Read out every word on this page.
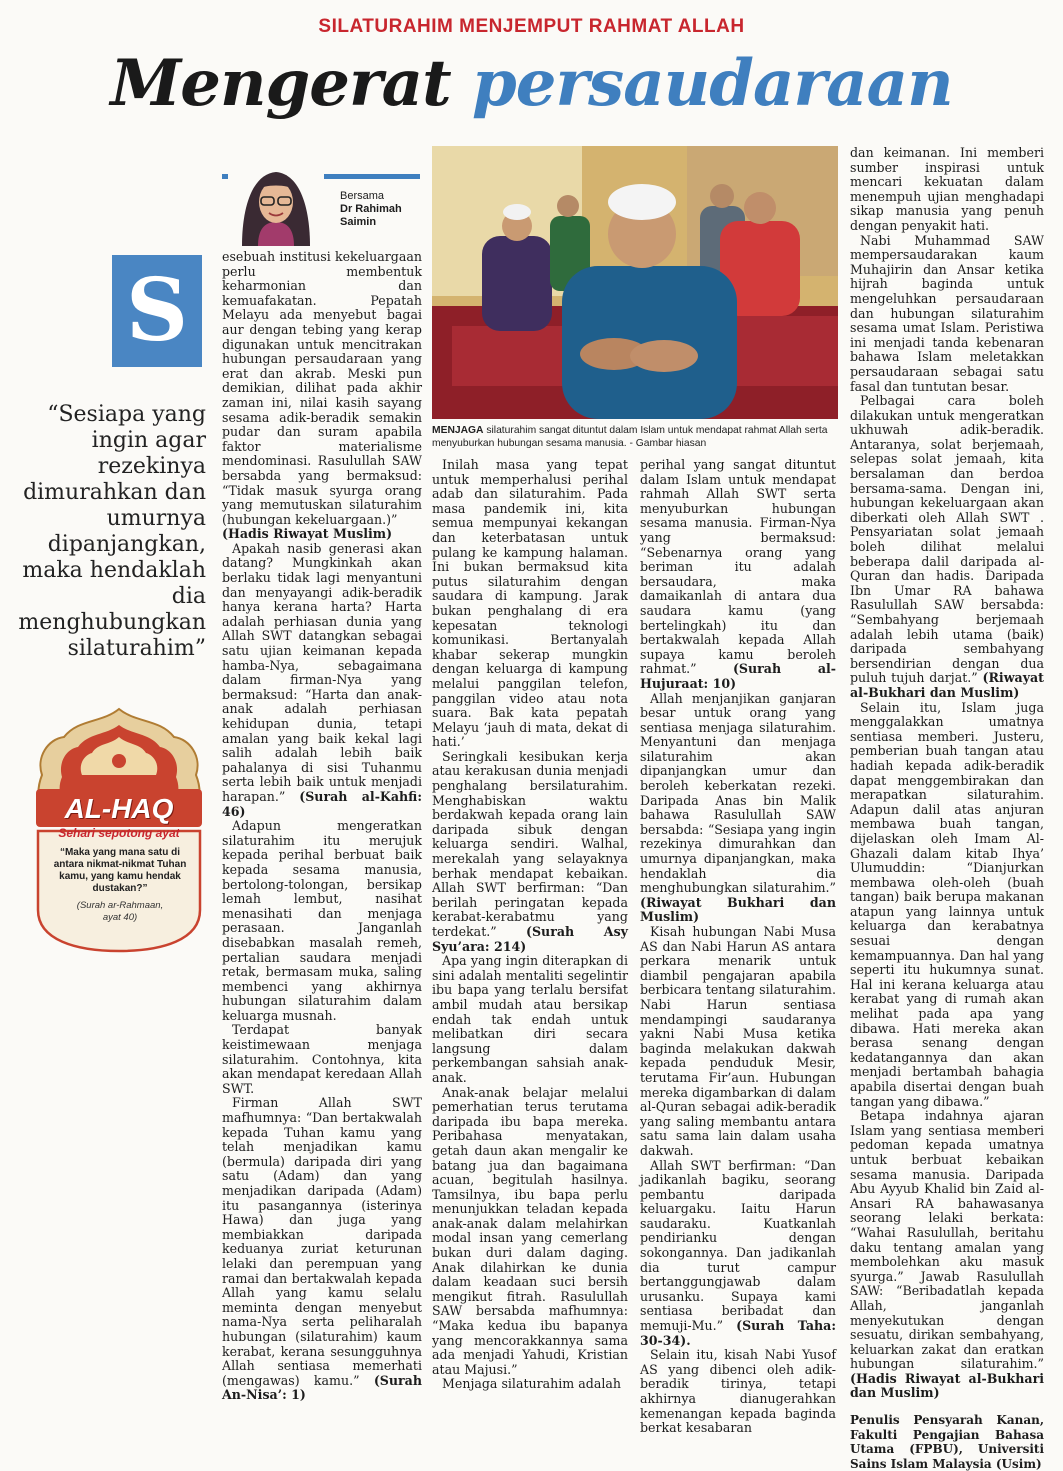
SILATURAHIM MENJEMPUT RAHMAT ALLAH
Mengerat persaudaraan
Bersama
Dr Rahimah
Saimin
S
“Sesiapa yang ingin agar rezekinya dimurahkan dan umurnya dipanjangkan, maka hendaklah dia menghubungkan silaturahim”
AL-HAQ
Sehari sepotong ayat
“Maka yang mana satu di antara nikmat-nikmat Tuhan kamu, yang kamu hendak dustakan?”
(Surah ar-Rahmaan,
ayat 40)
MENJAGA silaturahim sangat dituntut dalam Islam untuk mendapat rahmat Allah serta menyuburkan hubungan sesama manusia. - Gambar hiasan

esebuah institusi kekeluargaan perlu membentuk keharmonian dan kemuafakatan. Pepatah Melayu ada menyebut bagai aur dengan tebing yang kerap digunakan untuk mencitrakan hubungan persaudaraan yang erat dan akrab. Meski pun demikian, dilihat pada akhir zaman ini, nilai kasih sayang sesama adik-beradik semakin pudar dan suram apabila faktor materialisme mendominasi. Rasulullah SAW bersabda yang bermaksud: “Tidak masuk syurga orang yang memutuskan silaturahim (hubungan kekeluargaan.)”

(Hadis Riwayat Muslim)

Apakah nasib generasi akan datang? Mungkinkah akan berlaku tidak lagi menyantuni dan menyayangi adik-beradik hanya kerana harta? Harta adalah perhiasan dunia yang Allah SWT datangkan sebagai satu ujian keimanan kepada hamba-Nya, sebagaimana dalam firman-Nya yang bermaksud: “Harta dan anak-anak adalah perhiasan kehidupan dunia, tetapi amalan yang baik kekal lagi salih adalah lebih baik pahalanya di sisi Tuhanmu serta lebih baik untuk menjadi harapan.” (Surah al-Kahfi: 46)

Adapun mengeratkan silaturahim itu merujuk kepada perihal berbuat baik kepada sesama manusia, bertolong-tolongan, bersikap lemah lembut, nasihat menasihati dan menjaga perasaan. Janganlah disebabkan masalah remeh, pertalian saudara menjadi retak, bermasam muka, saling membenci yang akhirnya hubungan silaturahim dalam keluarga musnah.

Terdapat banyak keistimewaan menjaga silaturahim. Contohnya, kita akan mendapat keredaan Allah SWT.

Firman Allah SWT mafhumnya: “Dan bertakwalah kepada Tuhan kamu yang telah menjadikan kamu (bermula) daripada diri yang satu (Adam) dan yang menjadikan daripada (Adam) itu pasangannya (isterinya Hawa) dan juga yang membiakkan daripada keduanya zuriat keturunan lelaki dan perempuan yang ramai dan bertakwalah kepada Allah yang kamu selalu meminta dengan menyebut nama-Nya serta peliharalah hubungan (silaturahim) kaum kerabat, kerana sesungguhnya Allah sentiasa memerhati (mengawas) kamu.” (Surah An-Nisa’: 1)

Inilah masa yang tepat untuk memperhalusi perihal adab dan silaturahim. Pada masa pandemik ini, kita semua mempunyai kekangan dan keterbatasan untuk pulang ke kampung halaman. Ini bukan bermaksud kita putus silaturahim dengan saudara di kampung. Jarak bukan penghalang di era kepesatan teknologi komunikasi. Bertanyalah khabar sekerap mungkin dengan keluarga di kampung melalui panggilan telefon, panggilan video atau nota suara. Bak kata pepatah Melayu ‘jauh di mata, dekat di hati.’

Seringkali kesibukan kerja atau kerakusan dunia menjadi penghalang bersilaturahim. Menghabiskan waktu berdakwah kepada orang lain daripada sibuk dengan keluarga sendiri. Walhal, merekalah yang selayaknya berhak mendapat kebaikan. Allah SWT berfirman: “Dan berilah peringatan kepada kerabat-kerabatmu yang terdekat.” (Surah Asy Syu’ara: 214)

Apa yang ingin diterapkan di sini adalah mentaliti segelintir ibu bapa yang terlalu bersifat ambil mudah atau bersikap endah tak endah untuk melibatkan diri secara langsung dalam perkembangan sahsiah anak-anak.

Anak-anak belajar melalui pemerhatian terus terutama daripada ibu bapa mereka. Peribahasa menyatakan, getah daun akan mengalir ke batang jua dan bagaimana acuan, begitulah hasilnya. Tamsilnya, ibu bapa perlu menunjukkan teladan kepada anak-anak dalam melahirkan modal insan yang cemerlang bukan duri dalam daging. Anak dilahirkan ke dunia dalam keadaan suci bersih mengikut fitrah. Rasulullah SAW bersabda mafhumnya: “Maka kedua ibu bapanya yang mencorakkannya sama ada menjadi Yahudi, Kristian atau Majusi.”

Menjaga silaturahim adalah

perihal yang sangat dituntut dalam Islam untuk mendapat rahmah Allah SWT serta menyuburkan hubungan sesama manusia. Firman-Nya yang bermaksud: “Sebenarnya orang yang beriman itu adalah bersaudara, maka damaikanlah di antara dua saudara kamu (yang bertelingkah) itu dan bertakwalah kepada Allah supaya kamu beroleh rahmat.”	(Surah al-Hujuraat: 10)

Allah menjanjikan ganjaran besar untuk orang yang sentiasa menjaga silaturahim. Menyantuni dan menjaga silaturahim akan dipanjangkan umur dan beroleh keberkatan rezeki. Daripada Anas bin Malik bahawa Rasulullah SAW bersabda: “Sesiapa yang ingin rezekinya dimurahkan dan umurnya dipanjangkan, maka hendaklah dia menghubungkan silaturahim.” (Riwayat Bukhari dan Muslim)

Kisah hubungan Nabi Musa AS dan Nabi Harun AS antara perkara menarik untuk diambil pengajaran apabila berbicara tentang silaturahim. Nabi Harun sentiasa mendampingi saudaranya yakni Nabi Musa ketika baginda melakukan dakwah kepada penduduk Mesir, terutama Fir’aun. Hubungan mereka digambarkan di dalam al-Quran sebagai adik-beradik yang saling membantu antara satu sama lain dalam usaha dakwah.

Allah SWT berfirman: “Dan jadikanlah bagiku, seorang pembantu daripada keluargaku. Iaitu Harun saudaraku. Kuatkanlah pendirianku dengan sokongannya. Dan jadikanlah dia turut campur bertanggungjawab dalam urusanku. Supaya kami sentiasa beribadat dan memuji-Mu.” (Surah Taha: 30-34).

Selain itu, kisah Nabi Yusof AS yang dibenci oleh adik-beradik tirinya, tetapi akhirnya dianugerahkan kemenangan kepada baginda berkat kesabaran

dan keimanan. Ini memberi sumber inspirasi untuk mencari kekuatan dalam menempuh ujian menghadapi sikap manusia yang penuh dengan penyakit hati.

Nabi Muhammad SAW mempersaudarakan kaum Muhajirin dan Ansar ketika hijrah baginda untuk mengeluhkan persaudaraan dan hubungan silaturahim sesama umat Islam. Peristiwa ini menjadi tanda kebenaran bahawa Islam meletakkan persaudaraan sebagai satu fasal dan tuntutan besar.

Pelbagai cara boleh dilakukan untuk mengeratkan ukhuwah adik-beradik. Antaranya, solat berjemaah, selepas solat jemaah, kita bersalaman dan berdoa bersama-sama. Dengan ini, hubungan kekeluargaan akan diberkati oleh Allah SWT . Pensyariatan solat jemaah boleh dilihat melalui beberapa dalil daripada al-Quran dan hadis. Daripada Ibn Umar RA bahawa Rasulullah SAW bersabda: “Sembahyang berjemaah adalah lebih utama (baik) daripada sembahyang bersendirian dengan dua puluh tujuh darjat.” (Riwayat al-Bukhari dan Muslim)

Selain itu, Islam juga menggalakkan umatnya sentiasa memberi. Justeru, pemberian buah tangan atau hadiah kepada adik-beradik dapat menggembirakan dan merapatkan silaturahim. Adapun dalil atas anjuran membawa buah tangan, dijelaskan oleh Imam Al-Ghazali dalam kitab Ihya’ Ulumuddin: “Dianjurkan membawa oleh-oleh (buah tangan) baik berupa makanan atapun yang lainnya untuk keluarga dan kerabatnya sesuai dengan kemampuannya. Dan hal yang seperti itu hukumnya sunat. Hal ini kerana keluarga atau kerabat yang di rumah akan melihat pada apa yang dibawa. Hati mereka akan berasa senang dengan kedatangannya dan akan menjadi bertambah bahagia apabila disertai dengan buah tangan yang dibawa.”

Betapa indahnya ajaran Islam yang sentiasa memberi pedoman kepada umatnya untuk berbuat kebaikan sesama manusia. Daripada Abu Ayyub Khalid bin Zaid al-Ansari RA bahawasanya seorang lelaki berkata: “Wahai Rasulullah, beritahu daku tentang amalan yang membolehkan aku masuk syurga.” Jawab Rasulullah SAW: “Beribadatlah kepada Allah, janganlah menyekutukan dengan sesuatu, dirikan sembahyang, keluarkan zakat dan eratkan hubungan silaturahim.” (Hadis Riwayat al-Bukhari dan Muslim)

Penulis Pensyarah Kanan, Fakulti Pengajian Bahasa Utama (FPBU), Universiti Sains Islam Malaysia (Usim)
